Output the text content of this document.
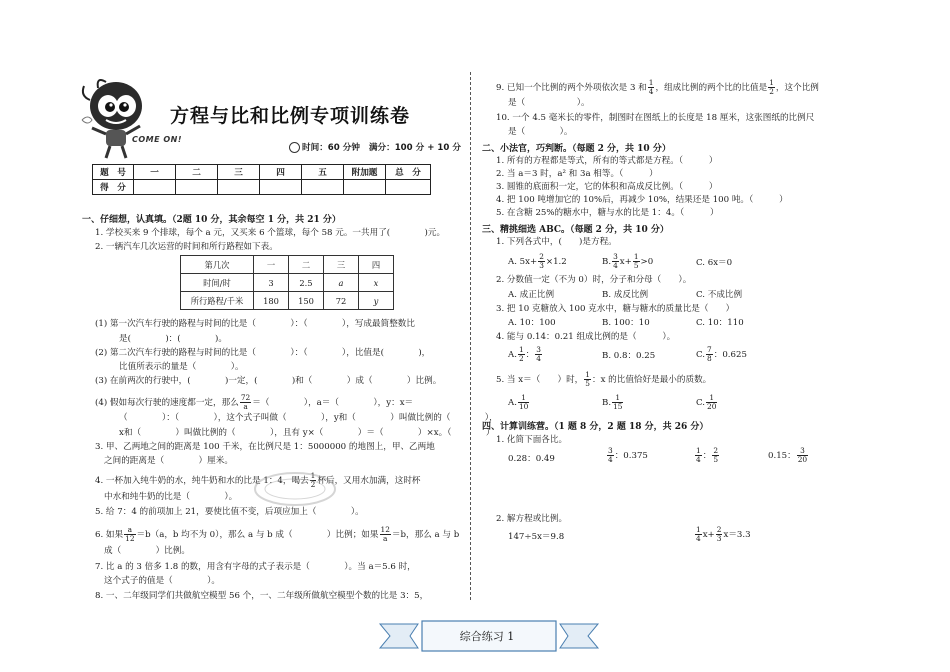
COME ON!
方程与比和比例专项训练卷
时间：60 分钟 满分：100 分 + 10 分
题　号	一	二	三	四	五	附加题	总　分
得　分							
一、仔细想，认真填。（2题 10 分，其余每空 1 分，共 21 分）
1. 学校买来 9 个排球，每个 a 元，又买来 6 个篮球，每个 58 元。一共用了(　　　　)元。
2. 一辆汽车几次运营的时间和所行路程如下表。
第几次	一	二	三	四
时间/时	3	2.5	a	x
所行路程/千米	180	150	72	y
(1) 第一次汽车行驶的路程与时间的比是（　　　　）：（　　　　），写成最简整数比
是(　　　　)：(　　　　)。
(2) 第二次汽车行驶的路程与时间的比是（　　　　）：（　　　　），比值是(　　　　)，
比值所表示的量是（　　　　）。
(3) 在前两次的行驶中，(　　　　)一定，(　　　　)和（　　　　）成（　　　　）比例。
(4) 假如每次行驶的速度都一定，那么 $\frac{72}{a}$ ＝（　　　　），a＝（　　　　），y：x＝
（　　　　）：（　　　　），这个式子叫做（　　　　），y和（　　　　）叫做比例的（　　　　），
x和（　　　　）叫做比例的（　　　　），且有 y×（　　　　）＝（　　　　）×x。（　　　　）
3. 甲、乙两地之间的距离是 100 千米，在比例尺是 1：5000000 的地图上，甲、乙两地
之间的距离是（　　　　）厘米。
4. 一杯加入纯牛奶的水，纯牛奶和水的比是 1：4，喝去 $\frac{1}{2}$ 杯后，又用水加满，这时杯
中水和纯牛奶的比是（　　　　）。
5. 给 7：4 的前项加上 21，要使比值不变，后项应加上（　　　　）。
6. 如果 $\frac{a}{12} =b(a$，b 均不为 0），那么 a 与 b 成（　　　　）比例；如果 $\frac{12}{a} =b$，那么 a 与 b
成（　　　　）比例。
7. 比 a 的 3 倍多 1.8 的数，用含有字母的式子表示是（　　　　）。当 a＝5.6 时，
这个式子的值是（　　　　）。
8. 一、二年级同学们共做航空模型 56 个，一、二年级所做航空模型个数的比是 3：5，
9. 已知一个比例的两个外项依次是 3 和 $\frac{1}{4}$ ，组成比例的两个比的比值是 $\frac{1}{2}$ ，这个比例
是（　　　　　　）。
10. 一个 4.5 毫米长的零件，制图时在图纸上的长度是 18 厘米，这张图纸的比例尺
是（　　　　）。
二、小法官，巧判断。（每题 2 分，共 10 分）
1. 所有的方程都是等式，所有的等式都是方程。（　　　）
2. 当 a＝3 时，a² 和 3a 相等。（　　　）
3. 圆锥的底面积一定，它的体积和高成反比例。（　　　）
4. 把 100 吨增加它的 10%后，再减少 10%，结果还是 100 吨。（　　　）
5. 在含糖 25%的糖水中，糖与水的比是 1：4。（　　　）
三、精挑细选 ABC。（每题 2 分，共 10 分）
1. 下列各式中，(　　)是方程。
A. $5x+ \frac{2}{3} \times 1.2$	B. $\frac{3}{4} x+ \frac{1}{5} >0$	C. 6x＝0
2. 分数值一定（不为 0）时，分子和分母（　　）。
A. 成正比例	B. 成反比例	C. 不成比例
3. 把 10 克糖放入 100 克水中，糖与糖水的质量比是（　　）
A. 10：100	B. 100：10	C. 10：110
4. 能与 0.14：0.21 组成比例的是（　　　）。
A. $\frac{1}{2}$ ： $\frac{3}{4}$	B. 0.8：0.25	C. $\frac{7}{8}$ ：0.625
5. 当 x＝（　　）时， $\frac{1}{5}$ ：x 的比值恰好是最小的质数。
A. $\frac{1}{10}$	B. $\frac{1}{15}$	C. $\frac{1}{20}$
四、计算训练营。（1 题 8 分，2 题 18 分，共 26 分）
1. 化简下面各比。
0.28：0.49	$\frac{3}{4}$ ：0.375	$\frac{1}{4}$ ： $\frac{2}{5}$	0.15： $\frac{3}{20}$
2. 解方程或比例。
147÷5x＝9.8	$\frac{1}{4} x+ \frac{2}{3} x=3.3$
综合练习 1
